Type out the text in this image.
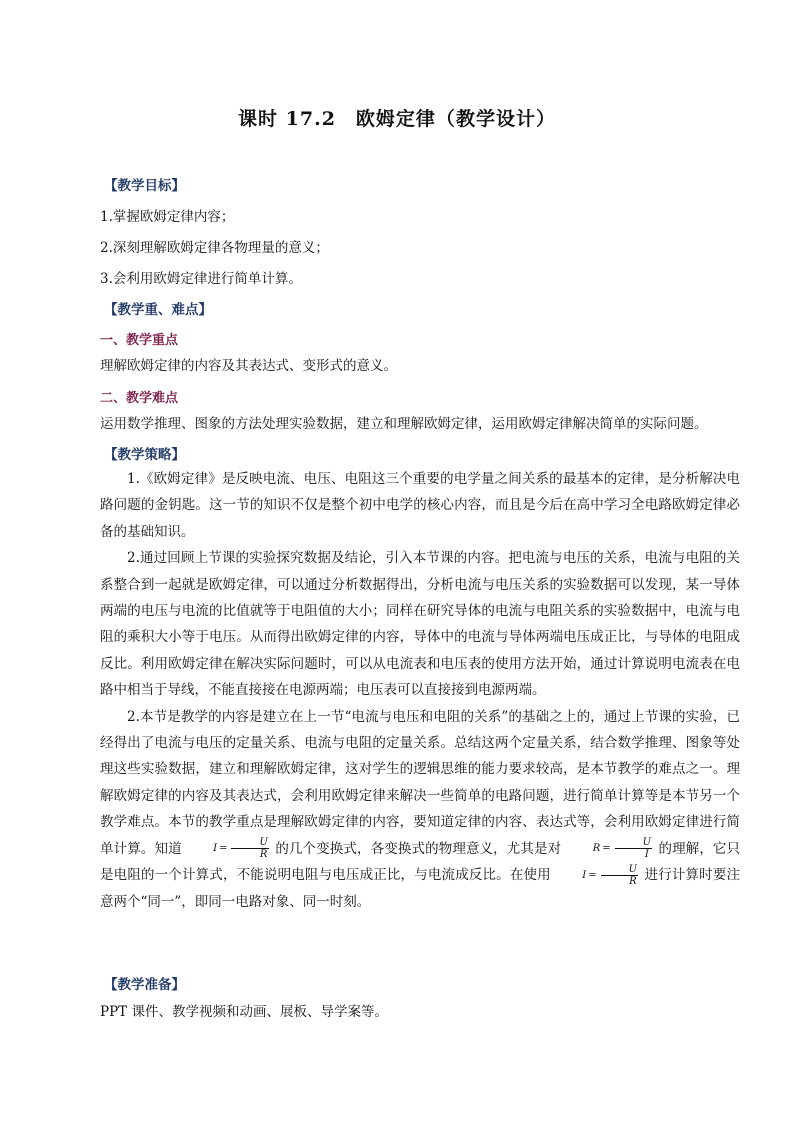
课时 17.2　欧姆定律（教学设计）
【教学目标】
1.掌握欧姆定律内容；
2.深刻理解欧姆定律各物理量的意义；
3.会利用欧姆定律进行简单计算。
【教学重、难点】
一、教学重点
理解欧姆定律的内容及其表达式、变形式的意义。
二、教学难点
运用数学推理、图象的方法处理实验数据，建立和理解欧姆定律，运用欧姆定律解决简单的实际问题。
【教学策略】

1.《欧姆定律》是反映电流、电压、电阻这三个重要的电学量之间关系的最基本的定律，是分析解决电路问题的金钥匙。这一节的知识不仅是整个初中电学的核心内容，而且是今后在高中学习全电路欧姆定律必备的基础知识。

2.通过回顾上节课的实验探究数据及结论，引入本节课的内容。把电流与电压的关系，电流与电阻的关系整合到一起就是欧姆定律，可以通过分析数据得出，分析电流与电压关系的实验数据可以发现，某一导体两端的电压与电流的比值就等于电阻值的大小；同样在研究导体的电流与电阻关系的实验数据中，电流与电阻的乘积大小等于电压。从而得出欧姆定律的内容，导体中的电流与导体两端电压成正比，与导体的电阻成反比。利用欧姆定律在解决实际问题时，可以从电流表和电压表的使用方法开始，通过计算说明电流表在电路中相当于导线，不能直接接在电源两端；电压表可以直接接到电源两端。

2.本节是教学的内容是建立在上一节“电流与电压和电阻的关系”的基础之上的，通过上节课的实验，已经得出了电流与电压的定量关系、电流与电阻的定量关系。总结这两个定量关系，结合数学推理、图象等处理这些实验数据，建立和理解欧姆定律，这对学生的逻辑思维的能力要求较高，是本节教学的难点之一。理解欧姆定律的内容及其表达式，会利用欧姆定律来解决一些简单的电路问题，进行简单计算等是本节另一个教学难点。本节的教学重点是理解欧姆定律的内容，要知道定律的内容、表达式等，会利用欧姆定律进行简单计算。知道	$I = \frac{U}{R}$ 的几个变换式，各变换式的物理意义，尤其是对	$R = \frac{U}{I}$ 的理解，它只是电阻的一个计算式，不能说明电阻与电压成正比，与电流成反比。在使用	$I = \frac{U}{R}$ 进行计算时要注意两个“同一”，即同一电路对象、同一时刻。

【教学准备】
PPT 课件、教学视频和动画、展板、导学案等。
